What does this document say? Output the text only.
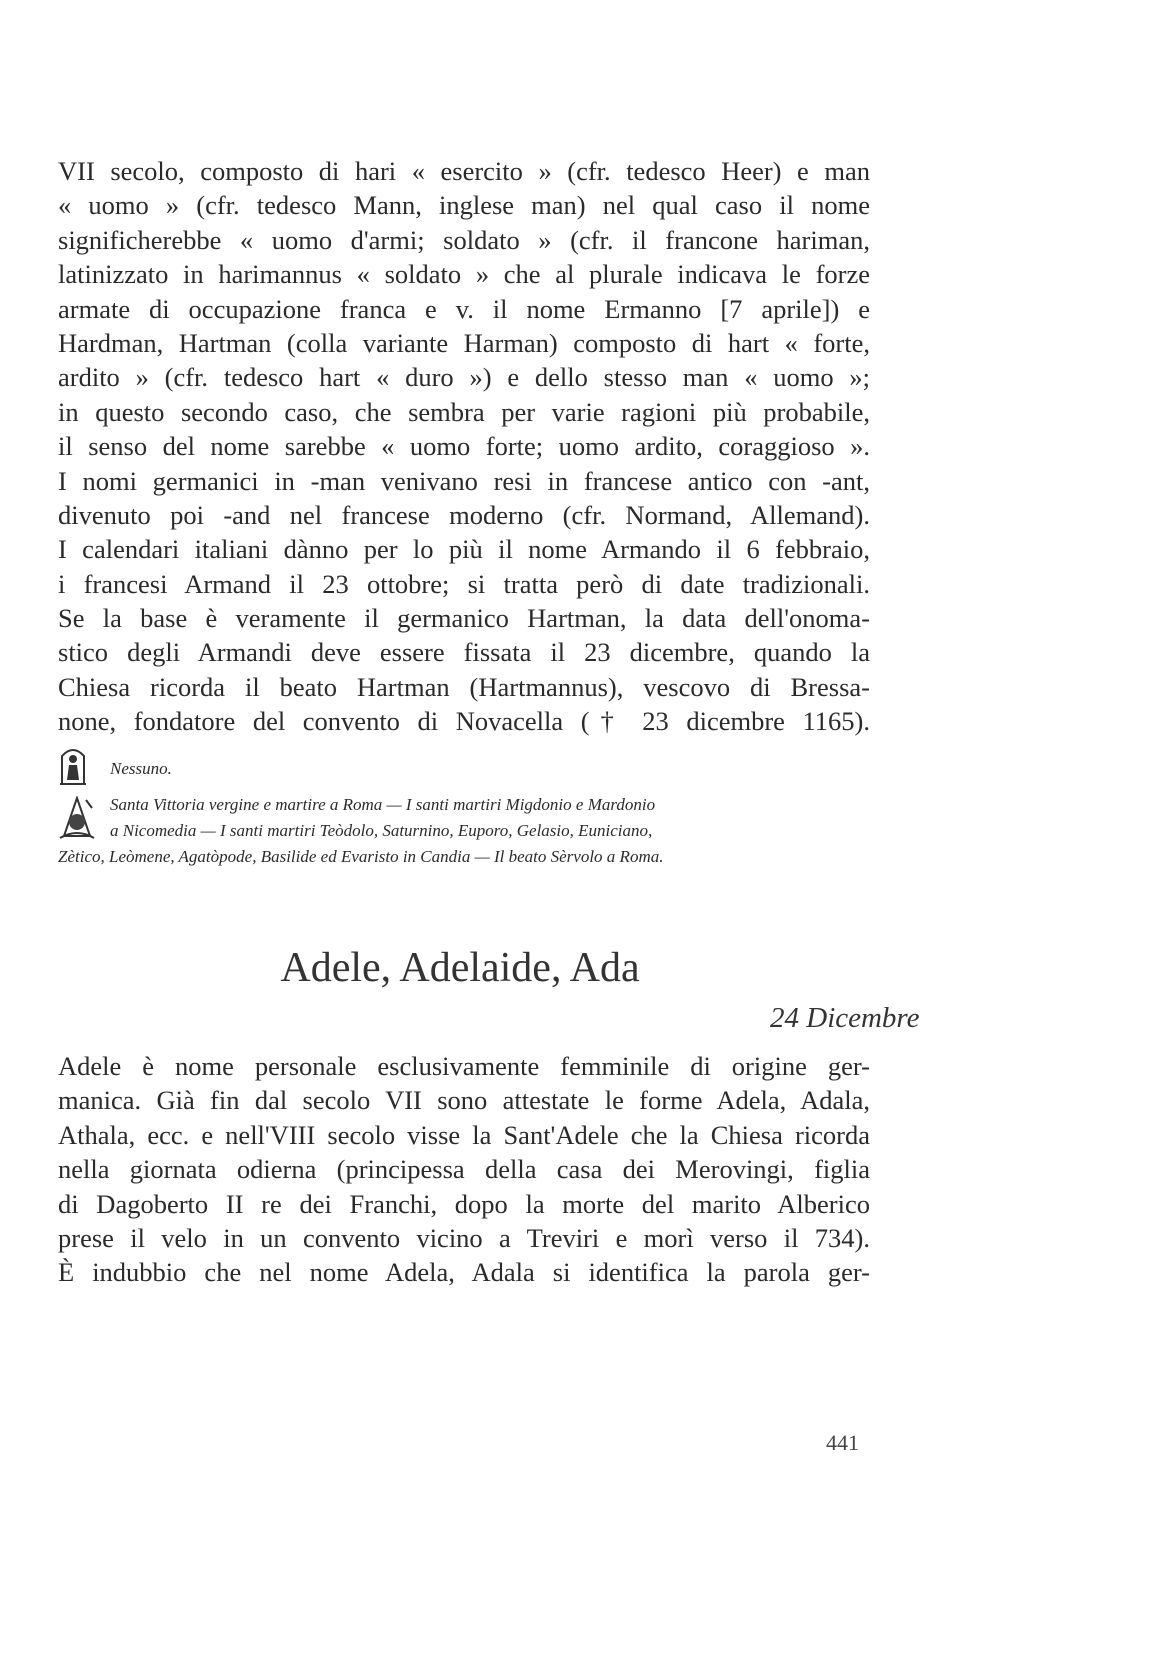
VII secolo, composto di hari « esercito » (cfr. tedesco Heer) e man
« uomo » (cfr. tedesco Mann, inglese man) nel qual caso il nome
significherebbe « uomo d'armi; soldato » (cfr. il francone hariman,
latinizzato in harimannus « soldato » che al plurale indicava le forze
armate di occupazione franca e v. il nome Ermanno [7 aprile]) e
Hardman, Hartman (colla variante Harman) composto di hart « forte,
ardito » (cfr. tedesco hart « duro ») e dello stesso man « uomo »;
in questo secondo caso, che sembra per varie ragioni più probabile,
il senso del nome sarebbe « uomo forte; uomo ardito, coraggioso ».
I nomi germanici in -man venivano resi in francese antico con -ant,
divenuto poi -and nel francese moderno (cfr. Normand, Allemand).
I calendari italiani dànno per lo più il nome Armando il 6 febbraio,
i francesi Armand il 23 ottobre; si tratta però di date tradizionali.
Se la base è veramente il germanico Hartman, la data dell'onoma-
stico degli Armandi deve essere fissata il 23 dicembre, quando la
Chiesa ricorda il beato Hartman (Hartmannus), vescovo di Bressa-
none, fondatore del convento di Novacella († 23 dicembre 1165).
Nessuno.
Santa Vittoria vergine e martire a Roma — I santi martiri Migdonio e Mardonio
a Nicomedia — I santi martiri Teòdolo, Saturnino, Euporo, Gelasio, Euniciano,
Zètico, Leòmene, Agatòpode, Basilide ed Evaristo in Candia — Il beato Sèrvolo a Roma.
Adele, Adelaide, Ada
24 Dicembre
Adele è nome personale esclusivamente femminile di origine ger-
manica. Già fin dal secolo VII sono attestate le forme Adela, Adala,
Athala, ecc. e nell'VIII secolo visse la Sant'Adele che la Chiesa ricorda
nella giornata odierna (principessa della casa dei Merovingi, figlia
di Dagoberto II re dei Franchi, dopo la morte del marito Alberico
prese il velo in un convento vicino a Treviri e morì verso il 734).
È indubbio che nel nome Adela, Adala si identifica la parola ger-
441
